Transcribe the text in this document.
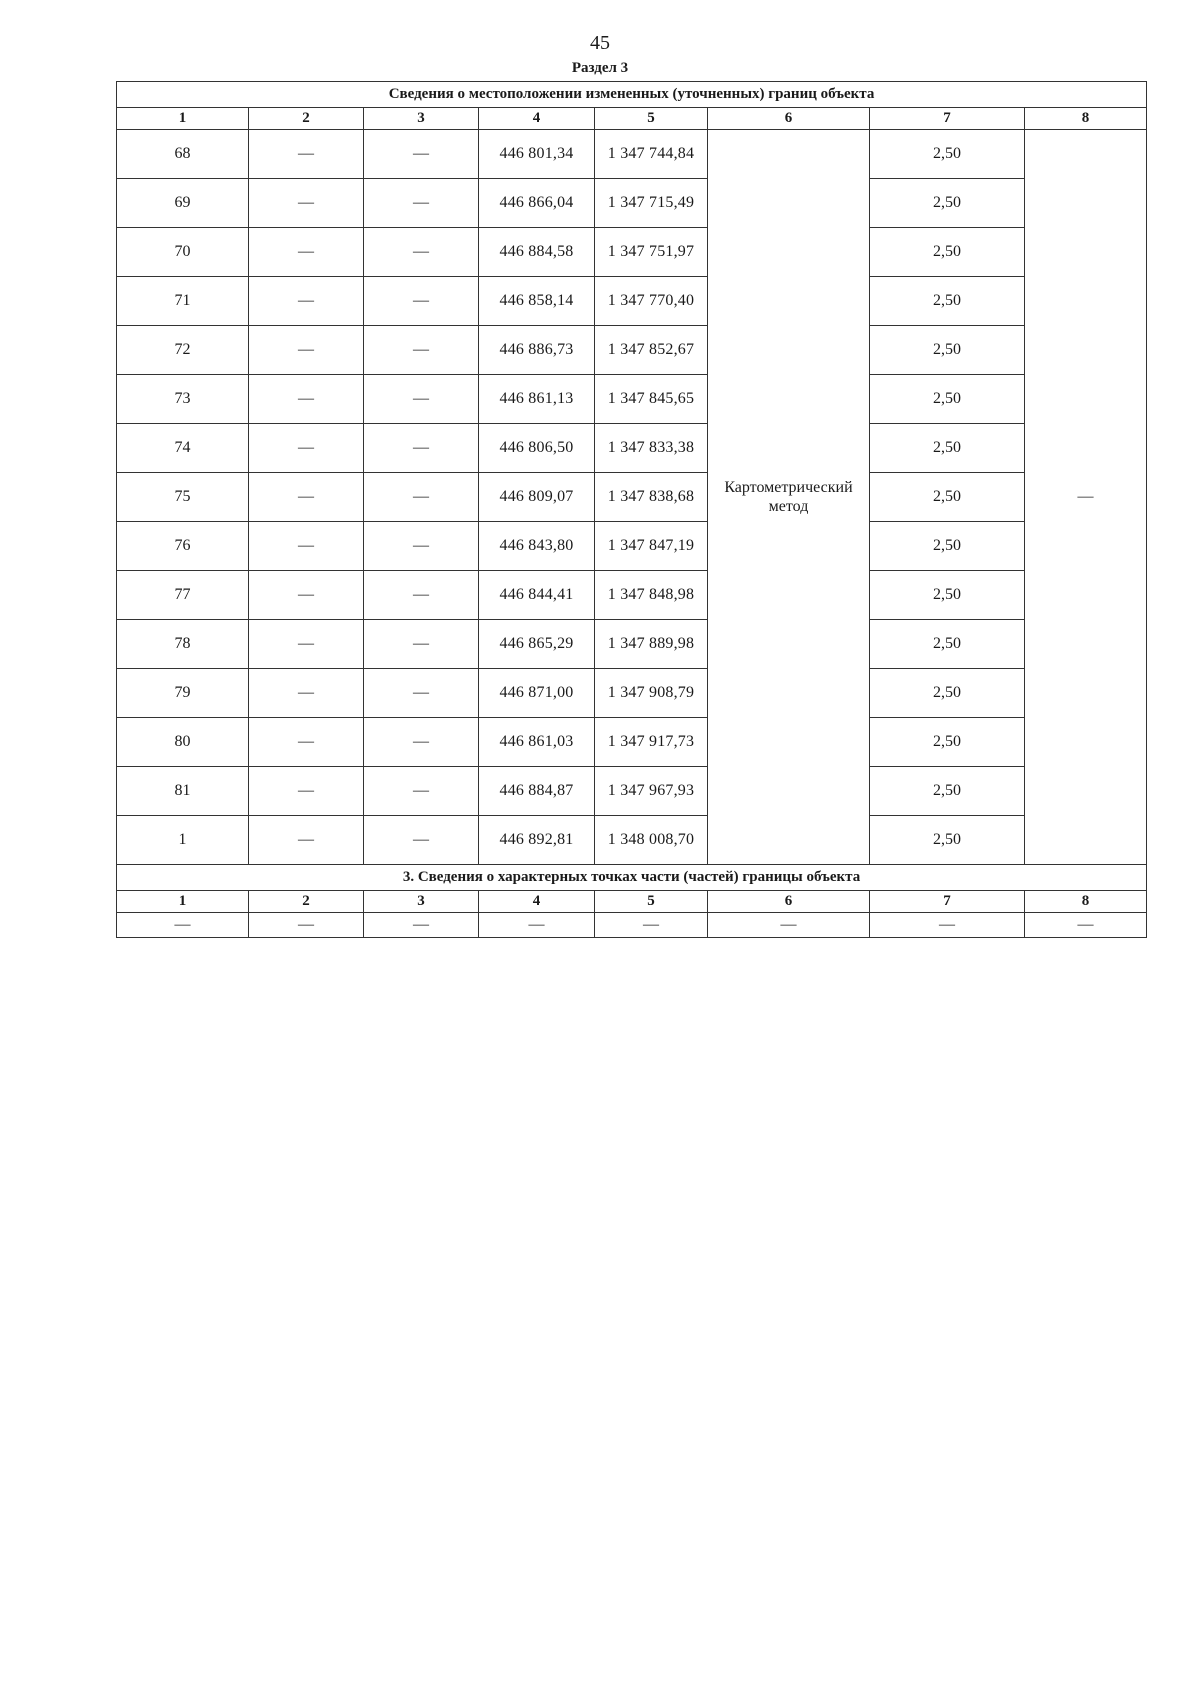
45
Раздел 3
Сведения о местоположении измененных (уточненных) границ объекта							
1	2	3	4	5	6	7	8
68	—	—	446 801,34	1 347 744,84	Картометрический метод	2,50	—
69	—	—	446 866,04	1 347 715,49		2,50	
70	—	—	446 884,58	1 347 751,97		2,50	
71	—	—	446 858,14	1 347 770,40		2,50	
72	—	—	446 886,73	1 347 852,67		2,50	
73	—	—	446 861,13	1 347 845,65		2,50	
74	—	—	446 806,50	1 347 833,38		2,50	
75	—	—	446 809,07	1 347 838,68		2,50	
76	—	—	446 843,80	1 347 847,19		2,50	
77	—	—	446 844,41	1 347 848,98		2,50	
78	—	—	446 865,29	1 347 889,98		2,50	
79	—	—	446 871,00	1 347 908,79		2,50	
80	—	—	446 861,03	1 347 917,73		2,50	
81	—	—	446 884,87	1 347 967,93		2,50	
1	—	—	446 892,81	1 348 008,70		2,50	
3. Сведения о характерных точках части (частей) границы объекта							
1	2	3	4	5	6	7	8
—	—	—	—	—	—	—	—
